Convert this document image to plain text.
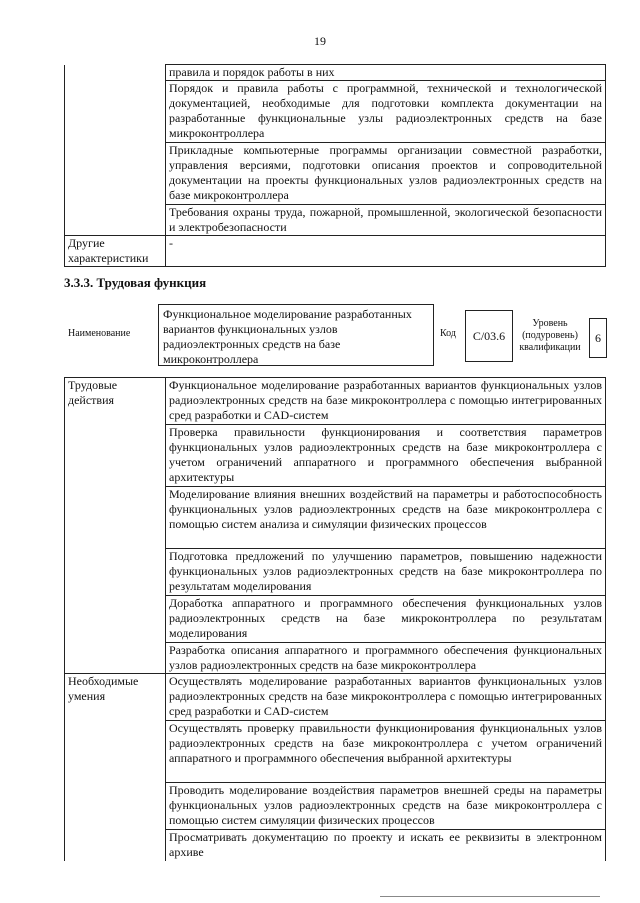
19
	правила и порядок работы в них
	Порядок и правила работы с программной, технической и технологической документацией, необходимые для подготовки комплекта документации на разработанные функциональные узлы радиоэлектронных средств на базе микроконтроллера
	Прикладные компьютерные программы организации совместной разработки, управления версиями, подготовки описания проектов и сопроводительной документации на проекты функциональных узлов радиоэлектронных средств на базе микроконтроллера
	Требования охраны труда, пожарной, промышленной, экологической безопасности и электробезопасности
Другие характеристики	-
3.3.3. Трудовая функция
Наименование
Функциональное моделирование разработанных вариантов функциональных узлов радиоэлектронных средств на базе микроконтроллера
Код C/03.6
Уровень (подуровень) квалификации
6
Трудовые действия	Функциональное моделирование разработанных вариантов функциональных узлов радиоэлектронных средств на базе микроконтроллера с помощью интегрированных сред разработки и CAD-систем
	Проверка правильности функционирования и соответствия параметров функциональных узлов радиоэлектронных средств на базе микроконтроллера с учетом ограничений аппаратного и программного обеспечения выбранной архитектуры
	Моделирование влияния внешних воздействий на параметры и работоспособность функциональных узлов радиоэлектронных средств на базе микроконтроллера с помощью систем анализа и симуляции физических процессов
	Подготовка предложений по улучшению параметров, повышению надежности функциональных узлов радиоэлектронных средств на базе микроконтроллера по результатам моделирования
	Доработка аппаратного и программного обеспечения функциональных узлов радиоэлектронных средств на базе микроконтроллера по результатам моделирования
	Разработка описания аппаратного и программного обеспечения функциональных узлов радиоэлектронных средств на базе микроконтроллера
Необходимые умения	Осуществлять моделирование разработанных вариантов функциональных узлов радиоэлектронных средств на базе микроконтроллера с помощью интегрированных сред разработки и CAD-систем
	Осуществлять проверку правильности функционирования функциональных узлов радиоэлектронных средств на базе микроконтроллера с учетом ограничений аппаратного и программного обеспечения выбранной архитектуры
	Проводить моделирование воздействия параметров внешней среды на параметры функциональных узлов радиоэлектронных средств на базе микроконтроллера с помощью систем симуляции физических процессов
	Просматривать документацию по проекту и искать ее реквизиты в электронном архиве
